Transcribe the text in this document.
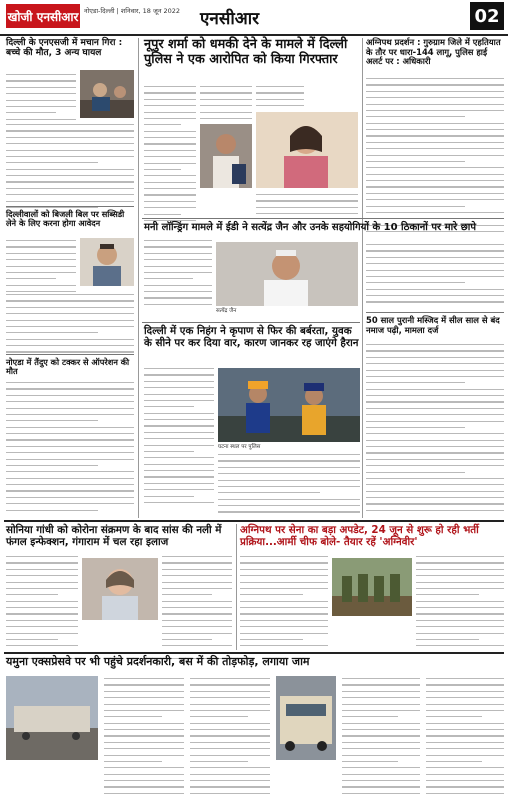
खोजी एनसीआर नोएडा-दिल्ली | शनिवार, 18 जून 2022 एनसीआर	02
दिल्ली के एनएसजी में मचान गिरा : बच्चे की मौत, 3 अन्य घायल
दिल्लीवालों को बिजली बिल पर सब्सिडी लेने के लिए करना होगा आवेदन
नोएडा में तैंदुए को टक्कर से ऑपरेशन की मौत
नूपुर शर्मा को धमकी देने के मामले में दिल्ली पुलिस ने एक आरोपित को किया गिरफ्तार
अग्निपथ प्रदर्शन : गुरुग्राम जिले में एहतियात के तौर पर धारा-144 लागू, पुलिस हाई अलर्ट पर : अधिकारी
मनी लॉन्ड्रिंग मामले में ईडी ने सत्येंद्र जैन और उनके सहयोगियों के 10 ठिकानों पर मारे छापे
सत्येंद्र जैन
50 साल पुरानी मस्जिद में सील साल से बंद नमाज पढ़ी, मामला दर्ज
दिल्ली में एक निहंग ने कृपाण से फिर की बर्बरता, युवक के सीने पर कर दिया वार, कारण जानकर रह जाएंगे हैरान
घटना स्थल पर पुलिस
सोनिया गांधी को कोरोना संक्रमण के बाद सांस की नली में फंगल इन्फेक्शन, गंगाराम में चल रहा इलाज
अग्निपथ पर सेना का बड़ा अपडेट, 24 जून से शुरू हो रही भर्ती प्रक्रिया...आर्मी चीफ बोले- तैयार रहें 'अग्निवीर'
यमुना एक्सप्रेसवे पर भी पहुंचे प्रदर्शनकारी, बस में की तोड़फोड़, लगाया जाम
